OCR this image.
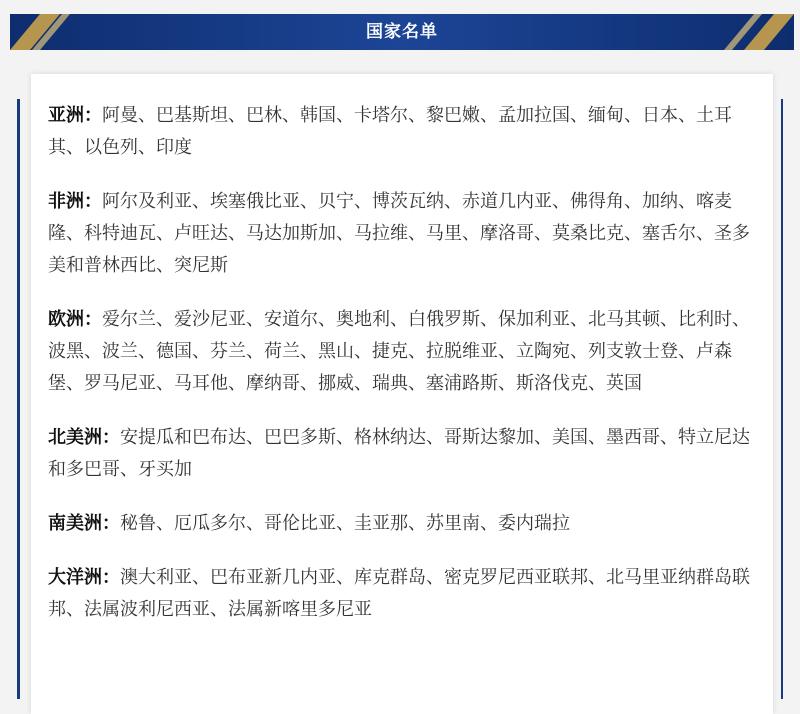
国家名单

亚洲：阿曼、巴基斯坦、巴林、韩国、卡塔尔、黎巴嫩、孟加拉国、缅甸、日本、土耳其、以色列、印度

非洲：阿尔及利亚、埃塞俄比亚、贝宁、博茨瓦纳、赤道几内亚、佛得角、加纳、喀麦隆、科特迪瓦、卢旺达、马达加斯加、马拉维、马里、摩洛哥、莫桑比克、塞舌尔、圣多美和普林西比、突尼斯

欧洲：爱尔兰、爱沙尼亚、安道尔、奥地利、白俄罗斯、保加利亚、北马其顿、比利时、波黑、波兰、德国、芬兰、荷兰、黑山、捷克、拉脱维亚、立陶宛、列支敦士登、卢森堡、罗马尼亚、马耳他、摩纳哥、挪威、瑞典、塞浦路斯、斯洛伐克、英国

北美洲：安提瓜和巴布达、巴巴多斯、格林纳达、哥斯达黎加、美国、墨西哥、特立尼达和多巴哥、牙买加

南美洲：秘鲁、厄瓜多尔、哥伦比亚、圭亚那、苏里南、委内瑞拉

大洋洲：澳大利亚、巴布亚新几内亚、库克群岛、密克罗尼西亚联邦、北马里亚纳群岛联邦、法属波利尼西亚、法属新喀里多尼亚
